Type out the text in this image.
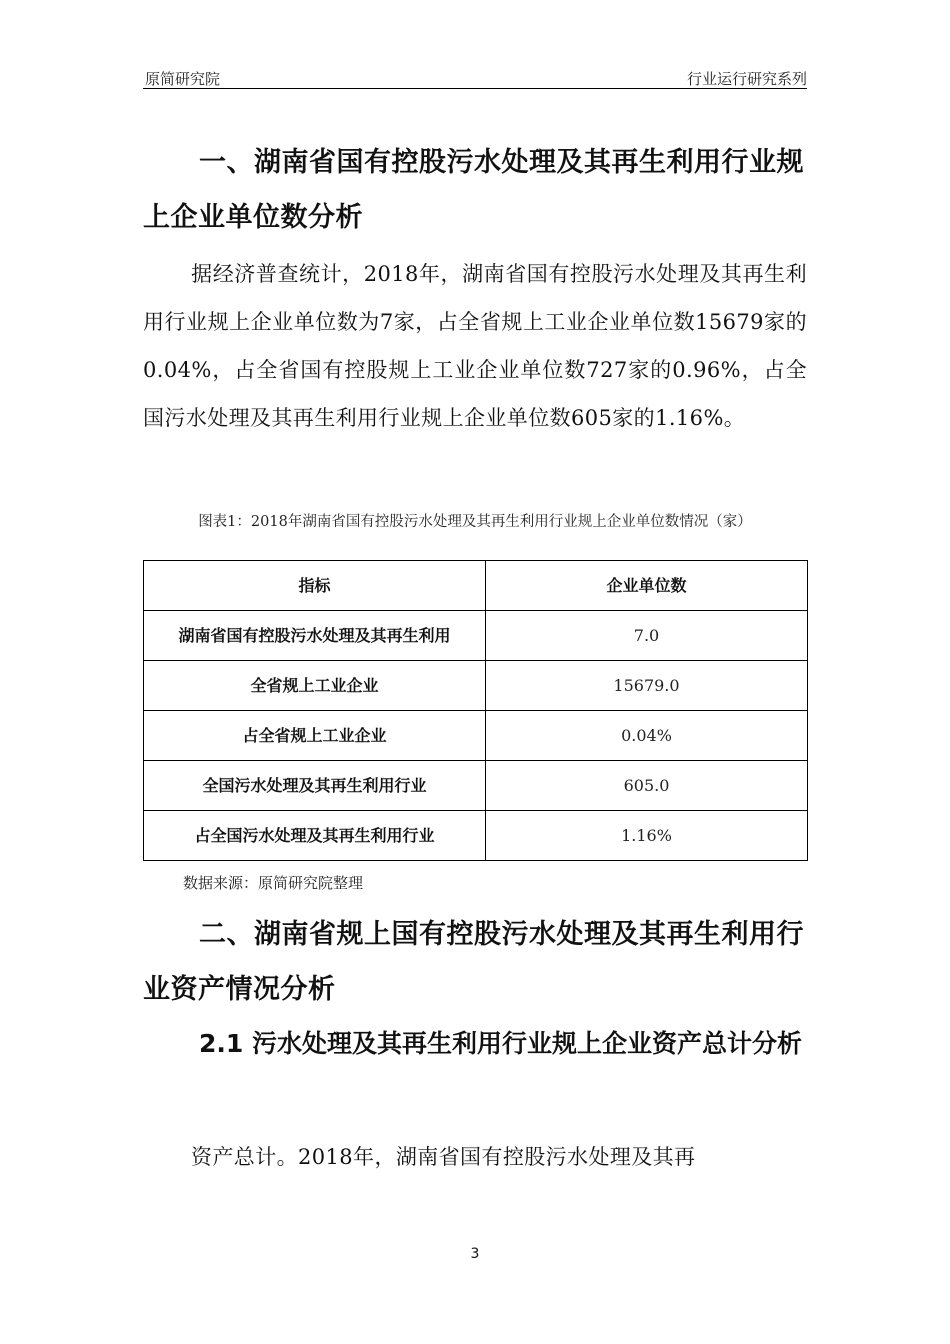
原简研究院	行业运行研究系列
一、湖南省国有控股污水处理及其再生利用行业规上企业单位数分析
据经济普查统计，2018年，湖南省国有控股污水处理及其再生利用行业规上企业单位数为7家，占全省规上工业企业单位数15679家的0.04%，占全省国有控股规上工业企业单位数727家的0.96%，占全国污水处理及其再生利用行业规上企业单位数605家的1.16%。
图表1：2018年湖南省国有控股污水处理及其再生利用行业规上企业单位数情况（家）
指标	企业单位数
湖南省国有控股污水处理及其再生利用	7.0
全省规上工业企业	15679.0
占全省规上工业企业	0.04%
全国污水处理及其再生利用行业	605.0
占全国污水处理及其再生利用行业	1.16%
数据来源：原简研究院整理
二、湖南省规上国有控股污水处理及其再生利用行业资产情况分析
2.1 污水处理及其再生利用行业规上企业资产总计分析
资产总计。2018年，湖南省国有控股污水处理及其再
3
